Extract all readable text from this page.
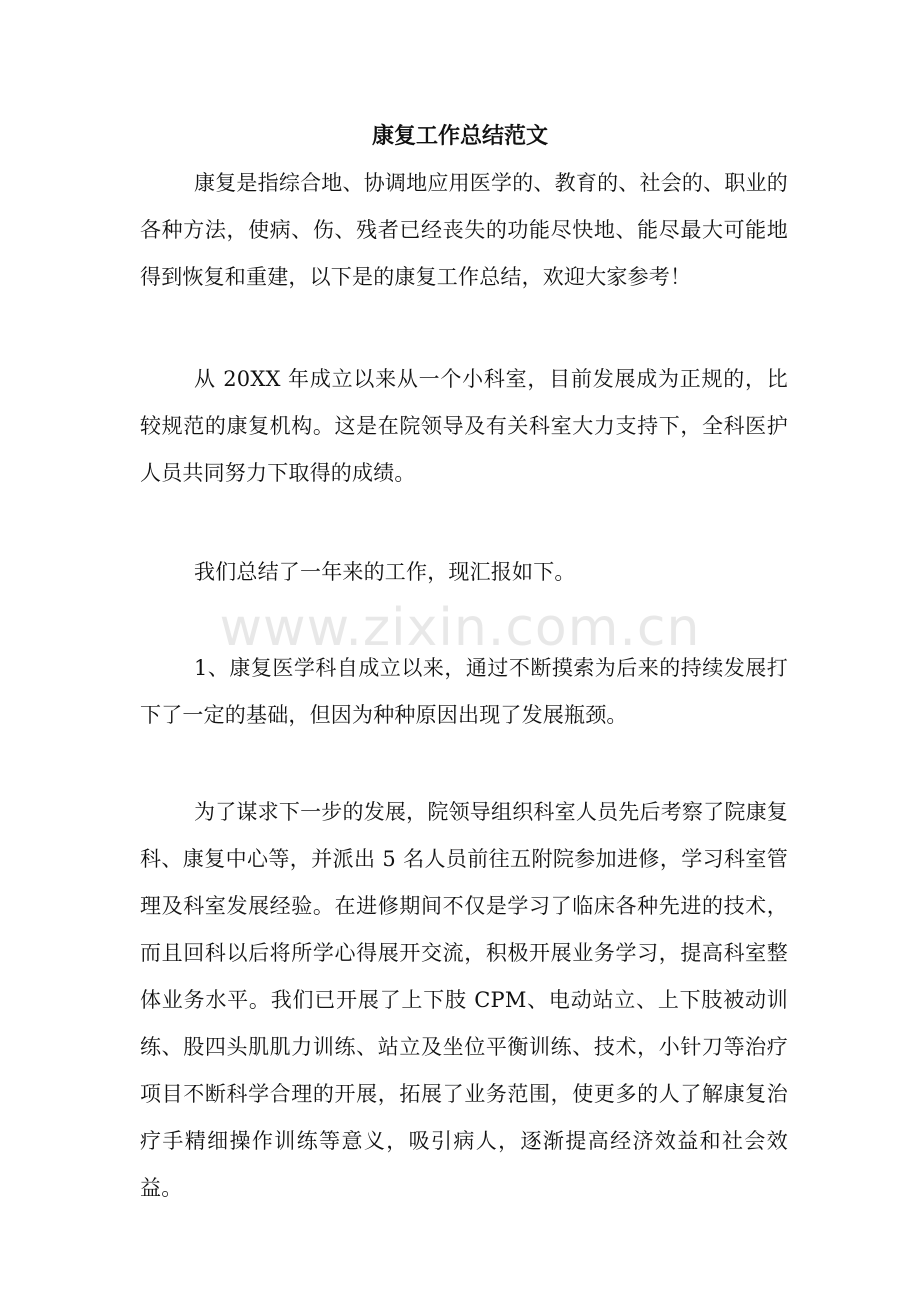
康复工作总结范文

康复是指综合地、协调地应用医学的、教育的、社会的、职业的各种方法，使病、伤、残者已经丧失的功能尽快地、能尽最大可能地得到恢复和重建，以下是的康复工作总结，欢迎大家参考！

从 20XX 年成立以来从一个小科室，目前发展成为正规的，比较规范的康复机构。这是在院领导及有关科室大力支持下，全科医护人员共同努力下取得的成绩。

我们总结了一年来的工作，现汇报如下。

1、康复医学科自成立以来，通过不断摸索为后来的持续发展打下了一定的基础，但因为种种原因出现了发展瓶颈。

为了谋求下一步的发展，院领导组织科室人员先后考察了院康复科、康复中心等，并派出 5 名人员前往五附院参加进修，学习科室管理及科室发展经验。在进修期间不仅是学习了临床各种先进的技术，而且回科以后将所学心得展开交流，积极开展业务学习，提高科室整体业务水平。我们已开展了上下肢 CPM、电动站立、上下肢被动训练、股四头肌肌力训练、站立及坐位平衡训练、技术，小针刀等治疗项目不断科学合理的开展，拓展了业务范围，使更多的人了解康复治疗手精细操作训练等意义，吸引病人，逐渐提高经济效益和社会效益。

www.zixin.com.cn
